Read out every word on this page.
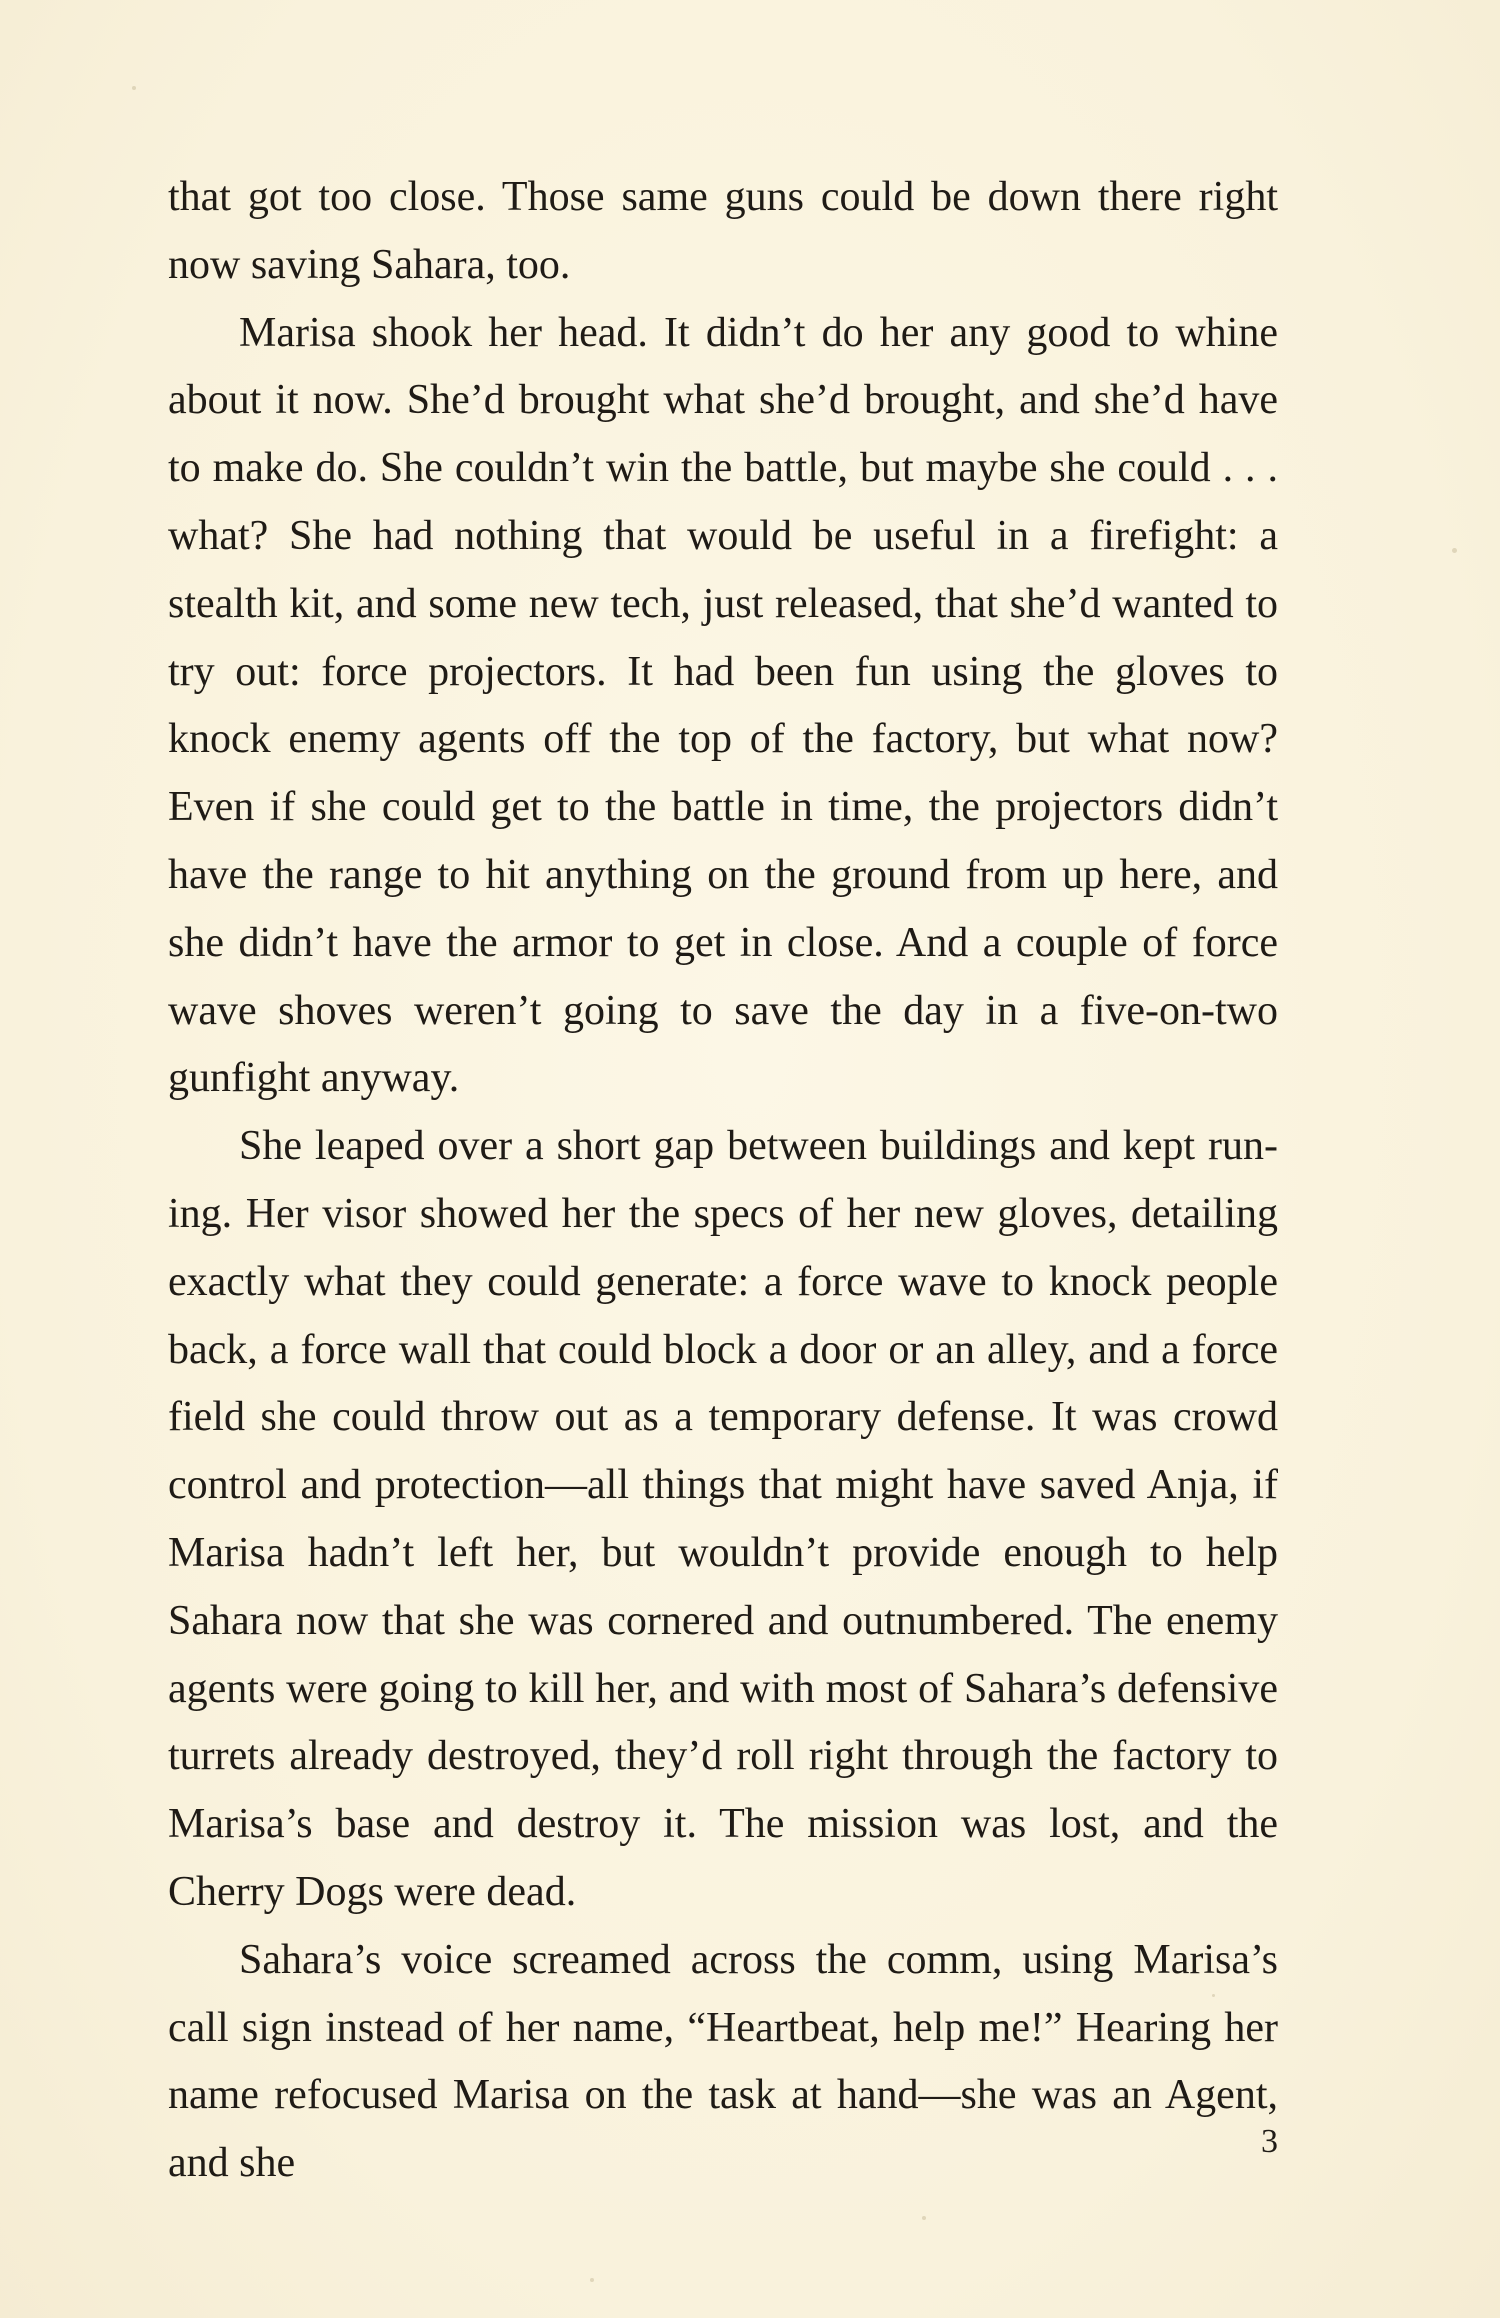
that got too close. Those same guns could be down there right now saving Sahara, too.

Marisa shook her head. It didn’t do her any good to whine about it now. She’d brought what she’d brought, and she’d have to make do. She couldn’t win the battle, but maybe she could . . . what? She had nothing that would be useful in a firefight: a stealth kit, and some new tech, just released, that she’d wanted to try out: force projectors. It had been fun using the gloves to knock enemy agents off the top of the factory, but what now? Even if she could get to the battle in time, the projectors didn’t have the range to hit anything on the ground from up here, and she didn’t have the armor to get in close. And a couple of force wave shoves weren’t going to save the day in a five-on-two gunfight anyway.

She leaped over a short gap between buildings and kept runing. Her visor showed her the specs of her new gloves, detailing exactly what they could generate: a force wave to knock people back, a force wall that could block a door or an alley, and a force field she could throw out as a temporary defense. It was crowd control and protection—all things that might have saved Anja, if Marisa hadn’t left her, but wouldn’t provide enough to help Sahara now that she was cornered and outnumbered. The enemy agents were going to kill her, and with most of Sahara’s defensive turrets already destroyed, they’d roll right through the factory to Marisa’s base and destroy it. The mission was lost, and the Cherry Dogs were dead.

Sahara’s voice screamed across the comm, using Marisa’s call sign instead of her name, “Heartbeat, help me!” Hearing her name refocused Marisa on the task at hand—she was an Agent, and she	3
